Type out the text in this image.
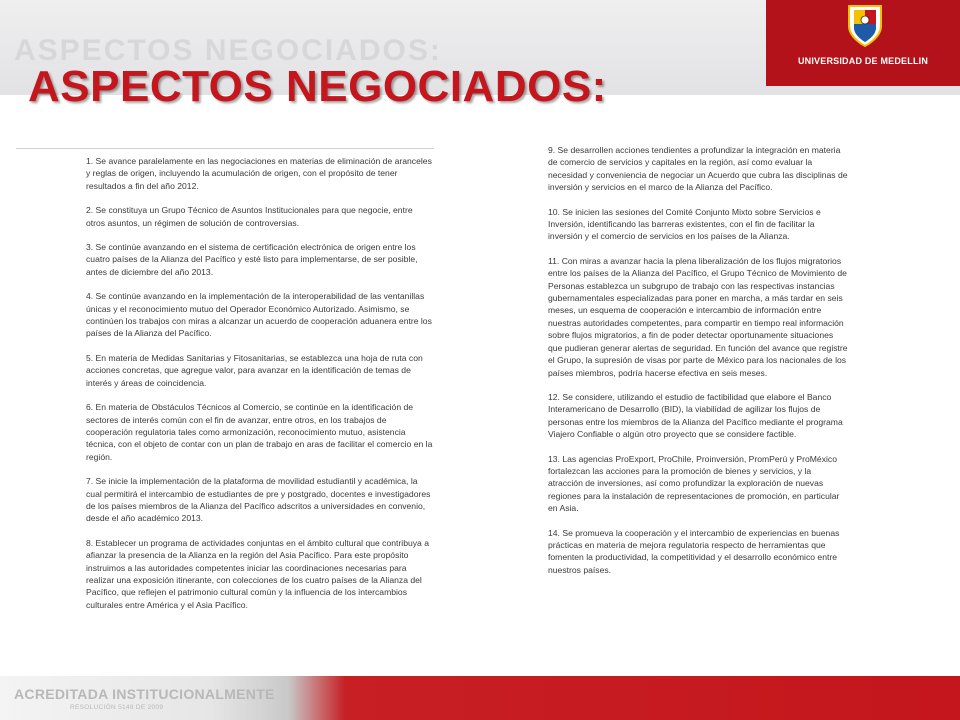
ASPECTOS NEGOCIADOS:	UNIVERSIDAD DE MEDELLIN
ASPECTOS NEGOCIADOS:

1. Se avance paralelamente en las negociaciones en materias de eliminación de aranceles y reglas de origen, incluyendo la acumulación de origen, con el propósito de tener resultados a fin del año 2012.

2. Se constituya un Grupo Técnico de Asuntos Institucionales para que negocie, entre otros asuntos, un régimen de solución de controversias.

3. Se continúe avanzando en el sistema de certificación electrónica de origen entre los cuatro países de la Alianza del Pacífico y esté listo para implementarse, de ser posible, antes de diciembre del año 2013.

4. Se continúe avanzando en la implementación de la interoperabilidad de las ventanillas únicas y el reconocimiento mutuo del Operador Económico Autorizado. Asimismo, se continúen los trabajos con miras a alcanzar un acuerdo de cooperación aduanera entre los países de la Alianza del Pacífico.

5. En materia de Medidas Sanitarias y Fitosanitarias, se establezca una hoja de ruta con acciones concretas, que agregue valor, para avanzar en la identificación de temas de interés y áreas de coincidencia.

6. En materia de Obstáculos Técnicos al Comercio, se continúe en la identificación de sectores de interés común con el fin de avanzar, entre otros, en los trabajos de cooperación regulatoria tales como armonización, reconocimiento mutuo, asistencia técnica, con el objeto de contar con un plan de trabajo en aras de facilitar el comercio en la región.

7. Se inicie la implementación de la plataforma de movilidad estudiantil y académica, la cual permitirá el intercambio de estudiantes de pre y postgrado, docentes e investigadores de los países miembros de la Alianza del Pacífico adscritos a universidades en convenio, desde el año académico 2013.

8. Establecer un programa de actividades conjuntas en el ámbito cultural que contribuya a afianzar la presencia de la Alianza en la región del Asia Pacífico. Para este propósito instruimos a las autoridades competentes iniciar las coordinaciones necesarias para realizar una exposición itinerante, con colecciones de los cuatro países de la Alianza del Pacífico, que reflejen el patrimonio cultural común y la influencia de los intercambios culturales entre América y el Asia Pacífico.

9. Se desarrollen acciones tendientes a profundizar la integración en materia de comercio de servicios y capitales en la región, así como evaluar la necesidad y conveniencia de negociar un Acuerdo que cubra las disciplinas de inversión y servicios en el marco de la Alianza del Pacífico.

10. Se inicien las sesiones del Comité Conjunto Mixto sobre Servicios e Inversión, identificando las barreras existentes, con el fin de facilitar la inversión y el comercio de servicios en los países de la Alianza.

11. Con miras a avanzar hacia la plena liberalización de los flujos migratorios entre los países de la Alianza del Pacífico, el Grupo Técnico de Movimiento de Personas establezca un subgrupo de trabajo con las respectivas instancias gubernamentales especializadas para poner en marcha, a más tardar en seis meses, un esquema de cooperación e intercambio de información entre nuestras autoridades competentes, para compartir en tiempo real información sobre flujos migratorios, a fin de poder detectar oportunamente situaciones que pudieran generar alertas de seguridad. En función del avance que registre el Grupo, la supresión de visas por parte de México para los nacionales de los países miembros, podría hacerse efectiva en seis meses.

12. Se considere, utilizando el estudio de factibilidad que elabore el Banco Interamericano de Desarrollo (BID), la viabilidad de agilizar los flujos de personas entre los miembros de la Alianza del Pacífico mediante el programa Viajero Confiable o algún otro proyecto que se considere factible.

13. Las agencias ProExport, ProChile, Proinversión, PromPerú y ProMéxico fortalezcan las acciones para la promoción de bienes y servicios, y la atracción de inversiones, así como profundizar la exploración de nuevas regiones para la instalación de representaciones de promoción, en particular en Asia.

14. Se promueva la cooperación y el intercambio de experiencias en buenas prácticas en materia de mejora regulatoria respecto de herramientas que fomenten la productividad, la competitividad y el desarrollo económico entre nuestros países.

ACREDITADA INSTITUCIONALMENTE
RESOLUCIÓN 5148 DE 2009
